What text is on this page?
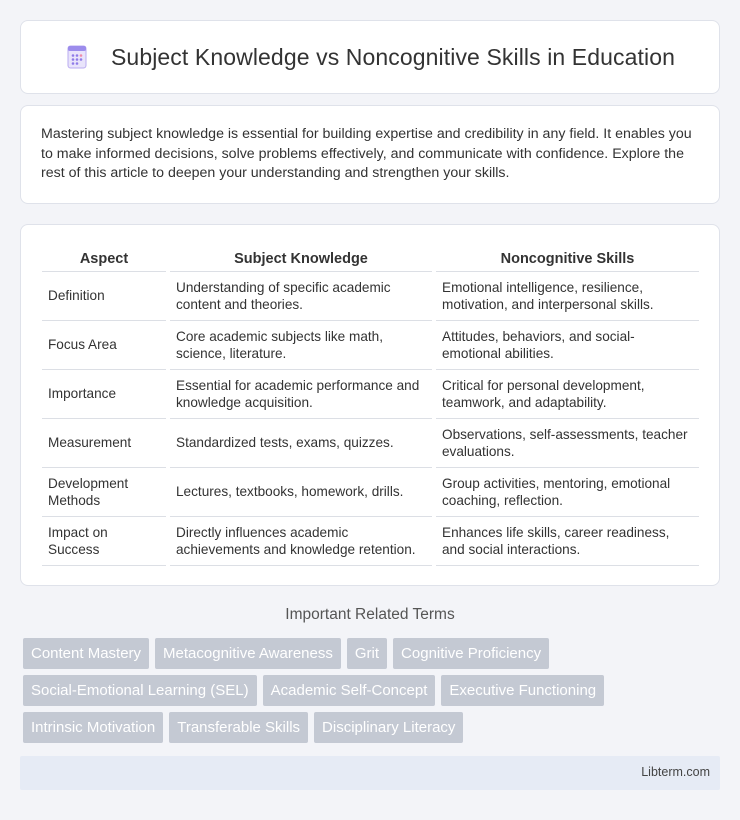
Subject Knowledge vs Noncognitive Skills in Education

Mastering subject knowledge is essential for building expertise and credibility in any field. It enables you to make informed decisions, solve problems effectively, and communicate with confidence. Explore the rest of this article to deepen your understanding and strengthen your skills.

Aspect		Subject Knowledge		Noncognitive Skills
Definition		Understanding of specific academic content and theories.		Emotional intelligence, resilience, motivation, and interpersonal skills.
Focus Area		Core academic subjects like math, science, literature.		Attitudes, behaviors, and social-emotional abilities.
Importance		Essential for academic performance and knowledge acquisition.		Critical for personal development, teamwork, and adaptability.
Measurement		Standardized tests, exams, quizzes.		Observations, self-assessments, teacher evaluations.
Development Methods		Lectures, textbooks, homework, drills.		Group activities, mentoring, emotional coaching, reflection.
Impact on Success		Directly influences academic achievements and knowledge retention.		Enhances life skills, career readiness, and social interactions.
Important Related Terms
Content Mastery	Metacognitive Awareness	Grit	Cognitive Proficiency
Social-Emotional Learning (SEL)	Academic Self-Concept	Executive Functioning
Intrinsic Motivation	Transferable Skills	Disciplinary Literacy
Libterm.com
